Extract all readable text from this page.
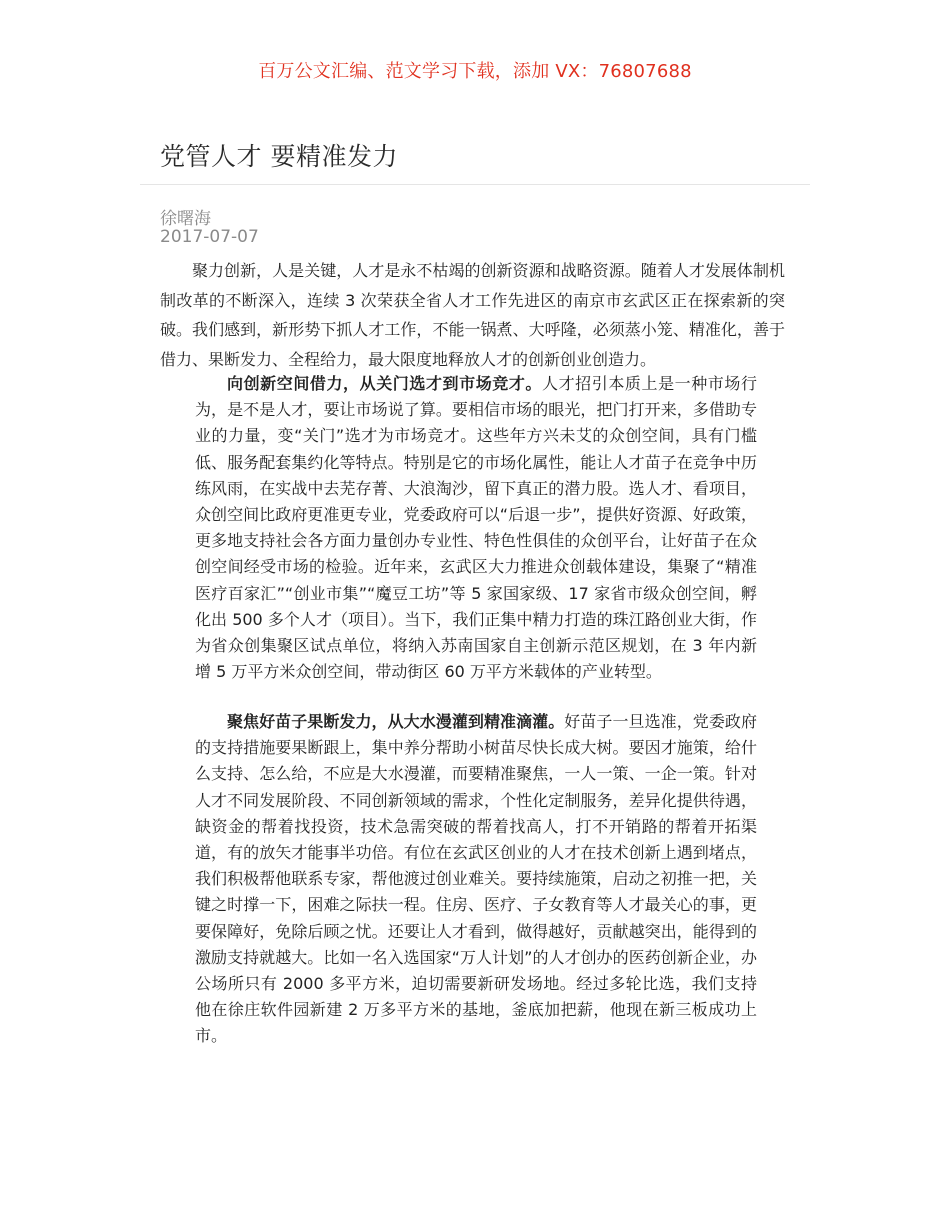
百万公文汇编、范文学习下载，添加 VX：76807688
党管人才 要精准发力
徐曙海
2017-07-07

聚力创新，人是关键，人才是永不枯竭的创新资源和战略资源。随着人才发展体制机制改革的不断深入，连续 3 次荣获全省人才工作先进区的南京市玄武区正在探索新的突破。我们感到，新形势下抓人才工作，不能一锅煮、大呼隆，必须蒸小笼、精准化，善于借力、果断发力、全程给力，最大限度地释放人才的创新创业创造力。

向创新空间借力，从关门选才到市场竞才。人才招引本质上是一种市场行为，是不是人才，要让市场说了算。要相信市场的眼光，把门打开来，多借助专业的力量，变“关门”选才为市场竞才。这些年方兴未艾的众创空间，具有门槛低、服务配套集约化等特点。特别是它的市场化属性，能让人才苗子在竞争中历练风雨，在实战中去芜存菁、大浪淘沙，留下真正的潜力股。选人才、看项目，众创空间比政府更准更专业，党委政府可以“后退一步”，提供好资源、好政策，更多地支持社会各方面力量创办专业性、特色性俱佳的众创平台，让好苗子在众创空间经受市场的检验。近年来，玄武区大力推进众创载体建设，集聚了“精准医疗百家汇”“创业市集”“魔豆工坊”等 5 家国家级、17 家省市级众创空间，孵化出 500 多个人才（项目）。当下，我们正集中精力打造的珠江路创业大街，作为省众创集聚区试点单位，将纳入苏南国家自主创新示范区规划，在 3 年内新增 5 万平方米众创空间，带动街区 60 万平方米载体的产业转型。

聚焦好苗子果断发力，从大水漫灌到精准滴灌。好苗子一旦选准，党委政府的支持措施要果断跟上，集中养分帮助小树苗尽快长成大树。要因才施策，给什么支持、怎么给，不应是大水漫灌，而要精准聚焦，一人一策、一企一策。针对人才不同发展阶段、不同创新领域的需求，个性化定制服务，差异化提供待遇，缺资金的帮着找投资，技术急需突破的帮着找高人，打不开销路的帮着开拓渠道，有的放矢才能事半功倍。有位在玄武区创业的人才在技术创新上遇到堵点，我们积极帮他联系专家，帮他渡过创业难关。要持续施策，启动之初推一把，关键之时撑一下，困难之际扶一程。住房、医疗、子女教育等人才最关心的事，更要保障好，免除后顾之忧。还要让人才看到，做得越好，贡献越突出，能得到的激励支持就越大。比如一名入选国家“万人计划”的人才创办的医药创新企业，办公场所只有 2000 多平方米，迫切需要新研发场地。经过多轮比选，我们支持他在徐庄软件园新建 2 万多平方米的基地，釜底加把薪，他现在新三板成功上市。
